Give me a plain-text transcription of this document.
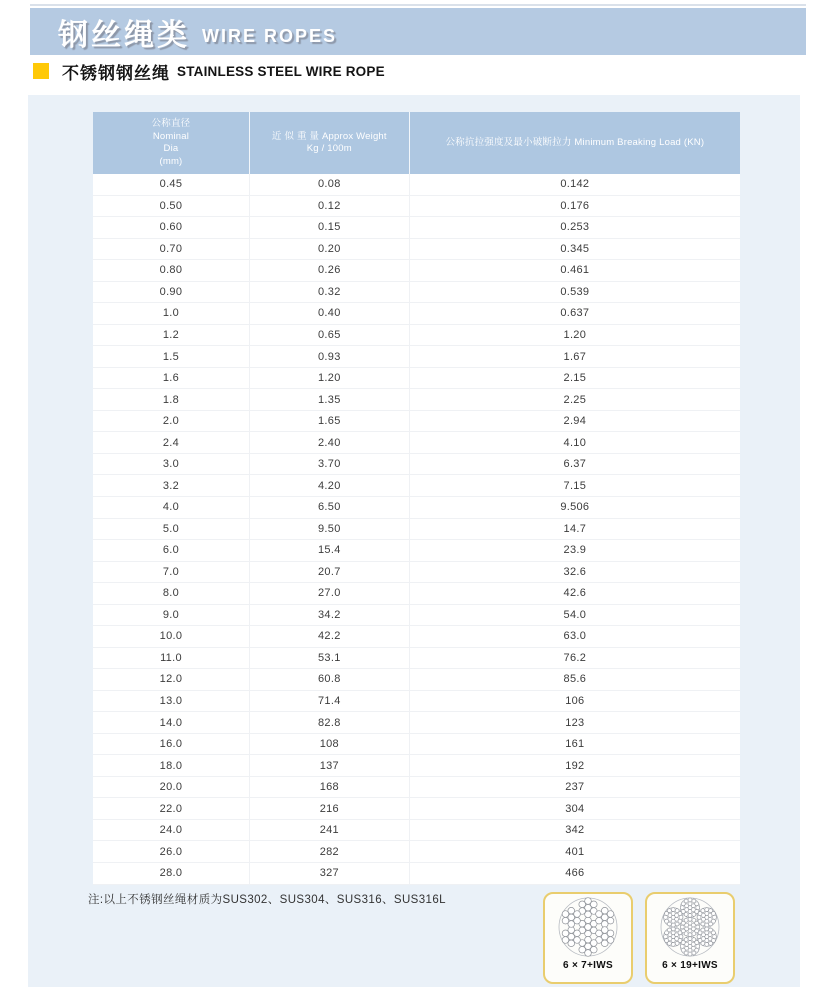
钢丝绳类 WIRE ROPES
不锈钢钢丝绳 STAINLESS STEEL WIRE ROPE
公称直径
Nominal
Dia
(mm)
近 似 重 量 Approx Weight
Kg / 100m
公称抗拉强度及最小破断拉力 Minimum Breaking Load (KN)
0.45	0.08	0.142
0.50	0.12	0.176
0.60	0.15	0.253
0.70	0.20	0.345
0.80	0.26	0.461
0.90	0.32	0.539
1.0	0.40	0.637
1.2	0.65	1.20
1.5	0.93	1.67
1.6	1.20	2.15
1.8	1.35	2.25
2.0	1.65	2.94
2.4	2.40	4.10
3.0	3.70	6.37
3.2	4.20	7.15
4.0	6.50	9.506
5.0	9.50	14.7
6.0	15.4	23.9
7.0	20.7	32.6
8.0	27.0	42.6
9.0	34.2	54.0
10.0	42.2	63.0
11.0	53.1	76.2
12.0	60.8	85.6
13.0	71.4	106
14.0	82.8	123
16.0	108	161
18.0	137	192
20.0	168	237
22.0	216	304
24.0	241	342
26.0	282	401
28.0	327	466
注:以上不锈钢丝绳材质为SUS302、SUS304、SUS316、SUS316L
6 × 7+IWS	6 × 19+IWS
